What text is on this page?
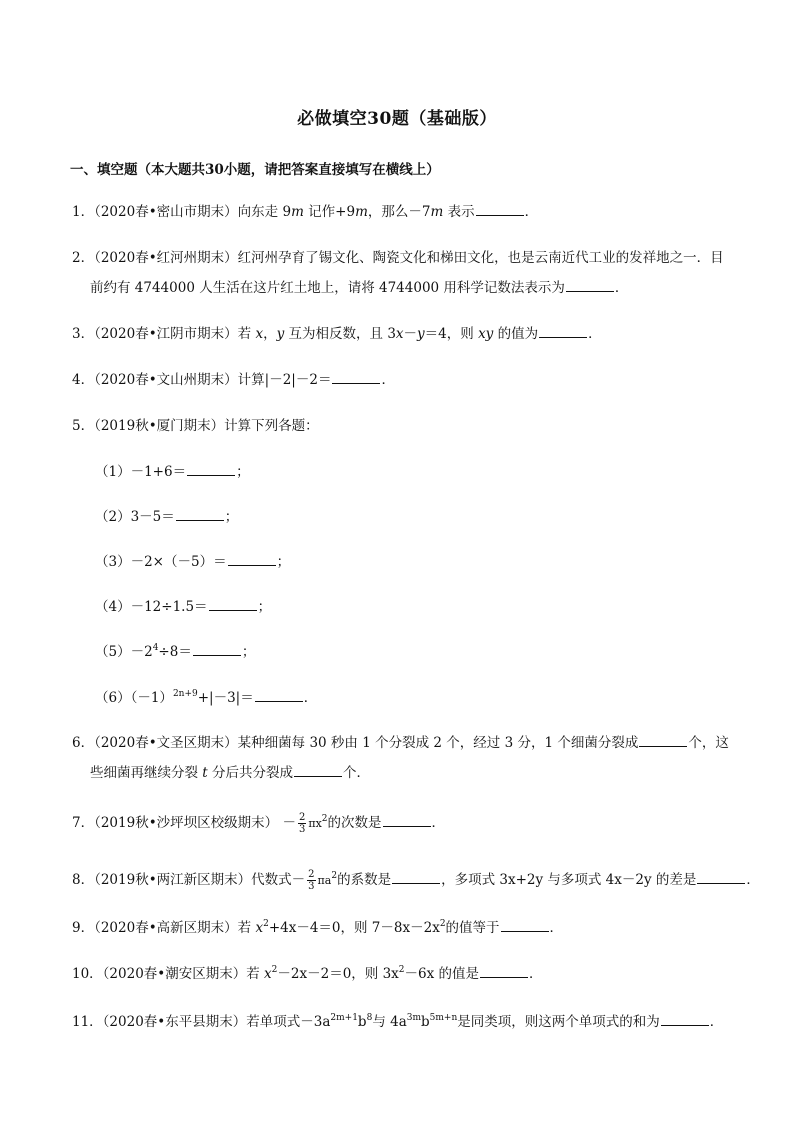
必做填空30题（基础版）
一、填空题（本大题共30小题，请把答案直接填写在横线上）
1．（2020春•密山市期末）向东走 9m 记作+9m，那么－7m 表示	．
2．（2020春•红河州期末）红河州孕育了锡文化、陶瓷文化和梯田文化，也是云南近代工业的发祥地之一．目
前约有 4744000 人生活在这片红土地上，请将 4744000 用科学记数法表示为	．
3．（2020春•江阴市期末）若 x，y 互为相反数，且 3x－y＝4，则 xy 的值为	．
4．（2020春•文山州期末）计算|－2|－2＝	．
5．（2019秋•厦门期末）计算下列各题：
（1）－1+6＝	；
（2）3－5＝	；
（3）－2×（－5）＝	；
（4）－12÷1.5＝	；
$(5)-2^4\div 8=$	；
$(6)(-1)^{2n+9}+|-3|=$	．
6．（2020春•文圣区期末）某种细菌每 30 秒由 1 个分裂成 2 个，经过 3 分，1 个细菌分裂成	个，这
些细菌再继续分裂 t 分后共分裂成	个．
7．（2019秋•沙坪坝区校级期末） － $\frac{2}{3} \pi x^2$的次数是	．
8．（2019秋•两江新区期末）代数式－ $\frac{2}{3} \pi a^2$的系数是	，多项式 3x+2y 与多项式 4x－2y 的差是	．
9．（2020春•高新区期末）若 $x^2+4x-4=0$，则 $7-8x-2x^2$的值等于	．
10．（2020春•潮安区期末）若 $x^2-2x-2=0$，则 $3x^2-6x$ 的值是	．
11．（2020春•东平县期末）若单项式$-3a^{2m+1}b^8$与 $4a^{3m}b^{5m+n}$是同类项，则这两个单项式的和为	．
